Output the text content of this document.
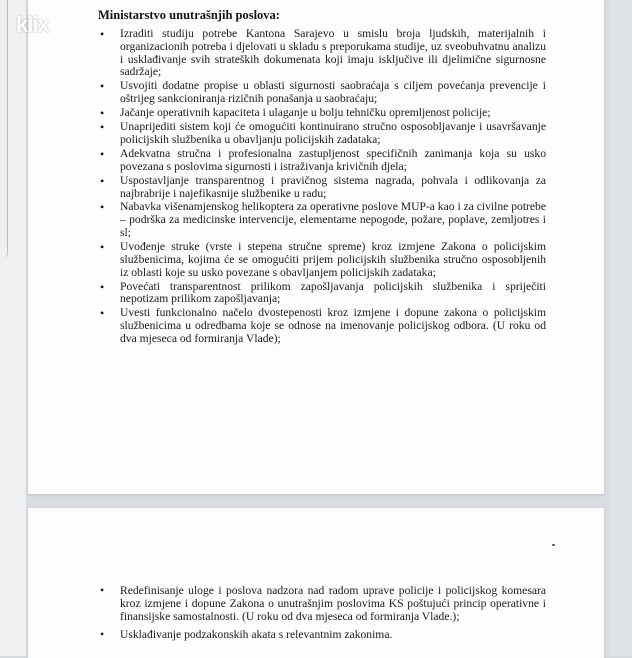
Ministarstvo unutrašnjih poslova:
• Izraditi studiju potrebe Kantona Sarajevo u smislu broja ljudskih, materijalnih i organizacionih potreba i djelovati u skladu s preporukama studije, uz sveobuhvatnu analizu i usklađivanje svih strateških dokumenata koji imaju isključive ili djelimične sigurnosne sadržaje;
• Usvojiti dodatne propise u oblasti sigurnosti saobraćaja s ciljem povećanja prevencije i oštrijeg sankcioniranja rizičnih ponašanja u saobraćaju;
• Jačanje operativnih kapaciteta i ulaganje u bolju tehničku opremljenost policije;
• Unaprijediti sistem koji će omogućiti kontinuirano stručno osposobljavanje i usavršavanje policijskih službenika u obavljanju policijskih zadataka;
• Adekvatna stručna i profesionalna zastupljenost specifičnih zanimanja koja su usko povezana s poslovima sigurnosti i istraživanja krivičnih djela;
• Uspostavljanje transparentnog i pravičnog sistema nagrada, pohvala i odlikovanja za najbrabrije i najefikasnije službenike u radu;
• Nabavka višenamjenskog helikoptera za operativne poslove MUP-a kao i za civilne potrebe – podrška za medicinske intervencije, elementarne nepogode, požare, poplave, zemljotres i sl;
• Uvođenje struke (vrste i stepena stručne spreme) kroz izmjene Zakona o policijskim službenicima, kojima će se omogućiti prijem policijskih službenika stručno osposobljenih iz oblasti koje su usko povezane s obavljanjem policijskih zadataka;
• Povećati transparentnost prilikom zapošljavanja policijskih službenika i spriječiti nepotizam prilikom zapošljavanja;
• Uvesti funkcionalno načelo dvostepenosti kroz izmjene i dopune zakona o policijskim službenicima u odredbama koje se odnose na imenovanje policijskog odbora. (U roku od dva mjeseca od formiranja Vlade);
• Redefinisanje uloge i poslova nadzora nad radom uprave policije i policijskog komesara kroz izmjene i dopune Zakona o unutrašnjim poslovima KS poštujući princip operativne i finansijske samostalnosti. (U roku od dva mjeseca od formiranja Vlade.);
• Usklađivanje podzakonskih akata s relevantnim zakonima.
klix
